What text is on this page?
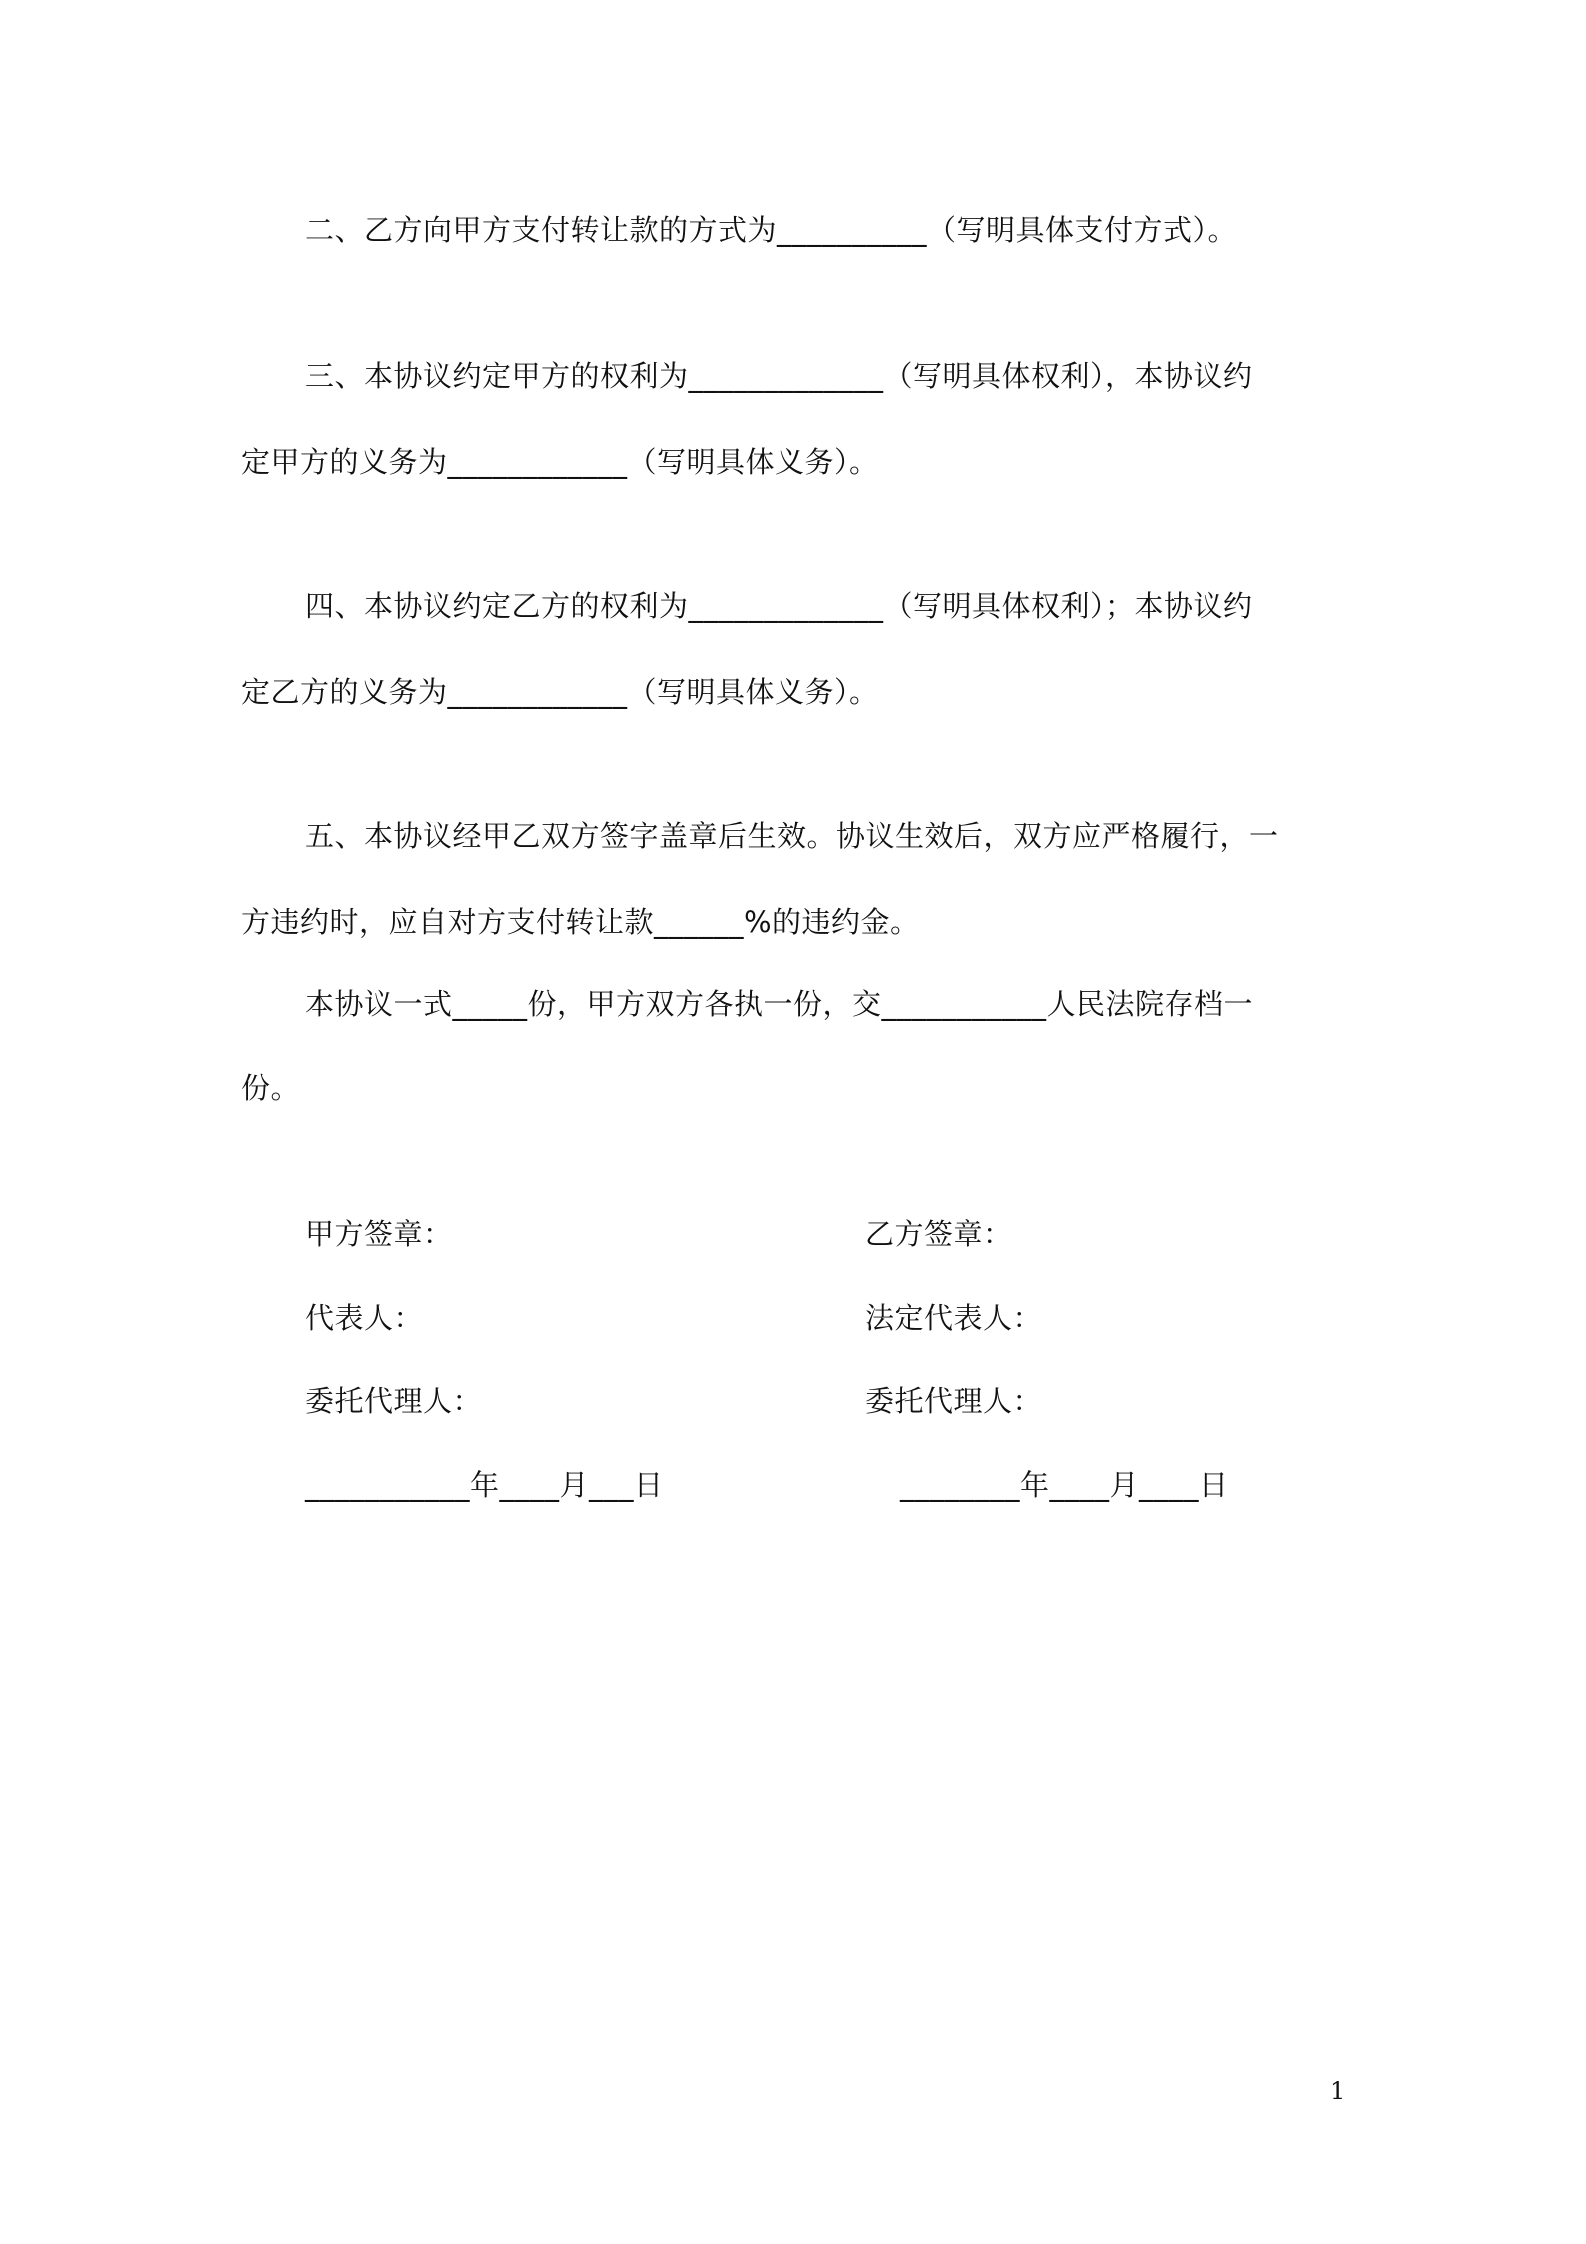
二、乙方向甲方支付转让款的方式为__________（写明具体支付方式）。

三、本协议约定甲方的权利为_____________（写明具体权利），本协议约

定甲方的义务为____________（写明具体义务）。

四、本协议约定乙方的权利为_____________（写明具体权利）；本协议约

定乙方的义务为____________（写明具体义务）。

五、本协议经甲乙双方签字盖章后生效。协议生效后，双方应严格履行，一

方违约时，应自对方支付转让款______%的违约金。

本协议一式_____份，甲方双方各执一份，交___________人民法院存档一

份。

甲方签章：

代表人：

委托代理人：

___________年____月___日

乙方签章：

法定代表人：

委托代理人：

________年____月____日

1
